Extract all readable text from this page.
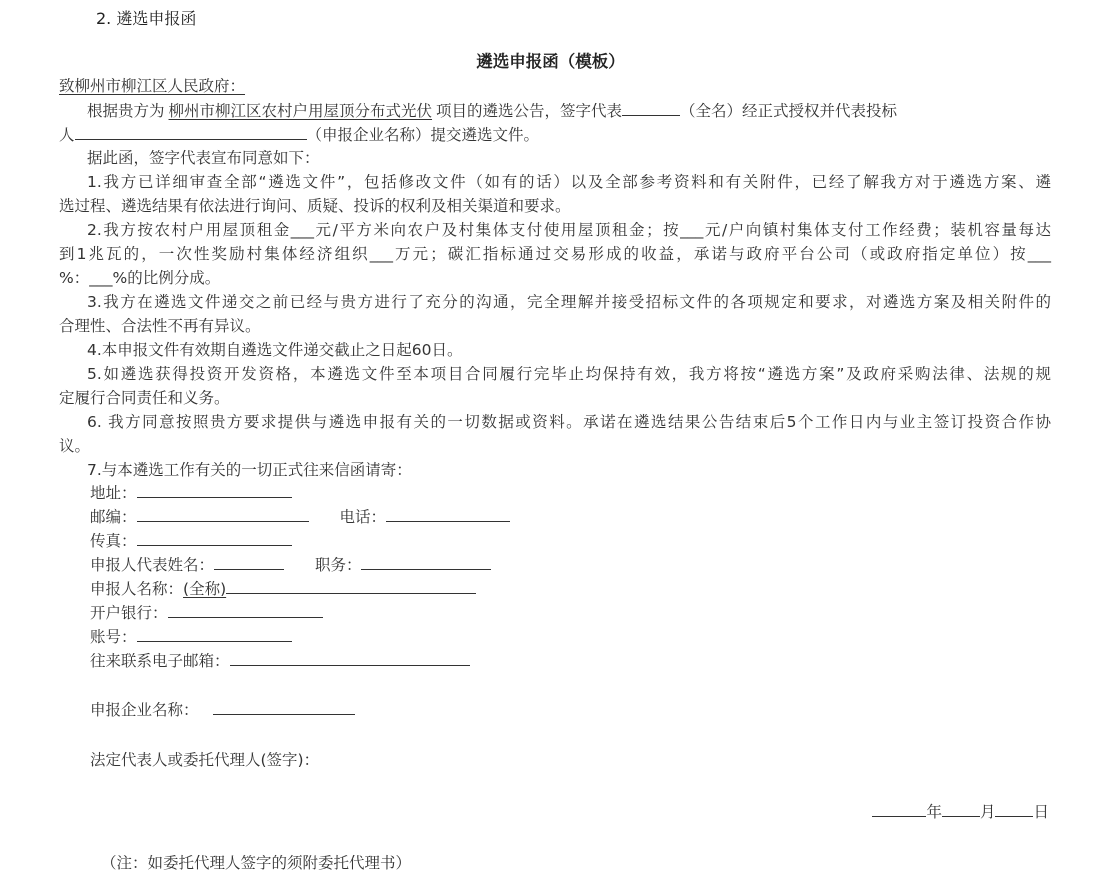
2. 遴选申报函
遴选申报函（模板）
致柳州市柳江区人民政府：
根据贵方为 柳州市柳江区农村户用屋顶分布式光伏 项目的遴选公告，签字代表	（全名）经正式授权并代表投标
人	（申报企业名称）提交遴选文件。
据此函，签字代表宣布同意如下：
1.我方已详细审查全部“遴选文件”，包括修改文件（如有的话）以及全部参考资料和有关附件，已经了解我方对于遴选方案、遴
选过程、遴选结果有依法进行询问、质疑、投诉的权利及相关渠道和要求。
2.我方按农村户用屋顶租金___元/平方米向农户及村集体支付使用屋顶租金；按___元/户向镇村集体支付工作经费；装机容量每达
到1兆瓦的，一次性奖励村集体经济组织___万元；碳汇指标通过交易形成的收益，承诺与政府平台公司（或政府指定单位）按___
%：___%的比例分成。
3.我方在遴选文件递交之前已经与贵方进行了充分的沟通，完全理解并接受招标文件的各项规定和要求，对遴选方案及相关附件的
合理性、合法性不再有异议。
4.本申报文件有效期自遴选文件递交截止之日起60日。
5.如遴选获得投资开发资格，本遴选文件至本项目合同履行完毕止均保持有效，我方将按“遴选方案”及政府采购法律、法规的规
定履行合同责任和义务。
6. 我方同意按照贵方要求提供与遴选申报有关的一切数据或资料。承诺在遴选结果公告结束后5个工作日内与业主签订投资合作协
议。
7.与本遴选工作有关的一切正式往来信函请寄：
地址：
邮编：	电话：
传真：
申报人代表姓名：	职务：
申报人名称：(全称)
开户银行：
账号：
往来联系电子邮箱：
申报企业名称：
法定代表人或委托代理人(签字)：
年 月 日
（注：如委托代理人签字的须附委托代理书）
